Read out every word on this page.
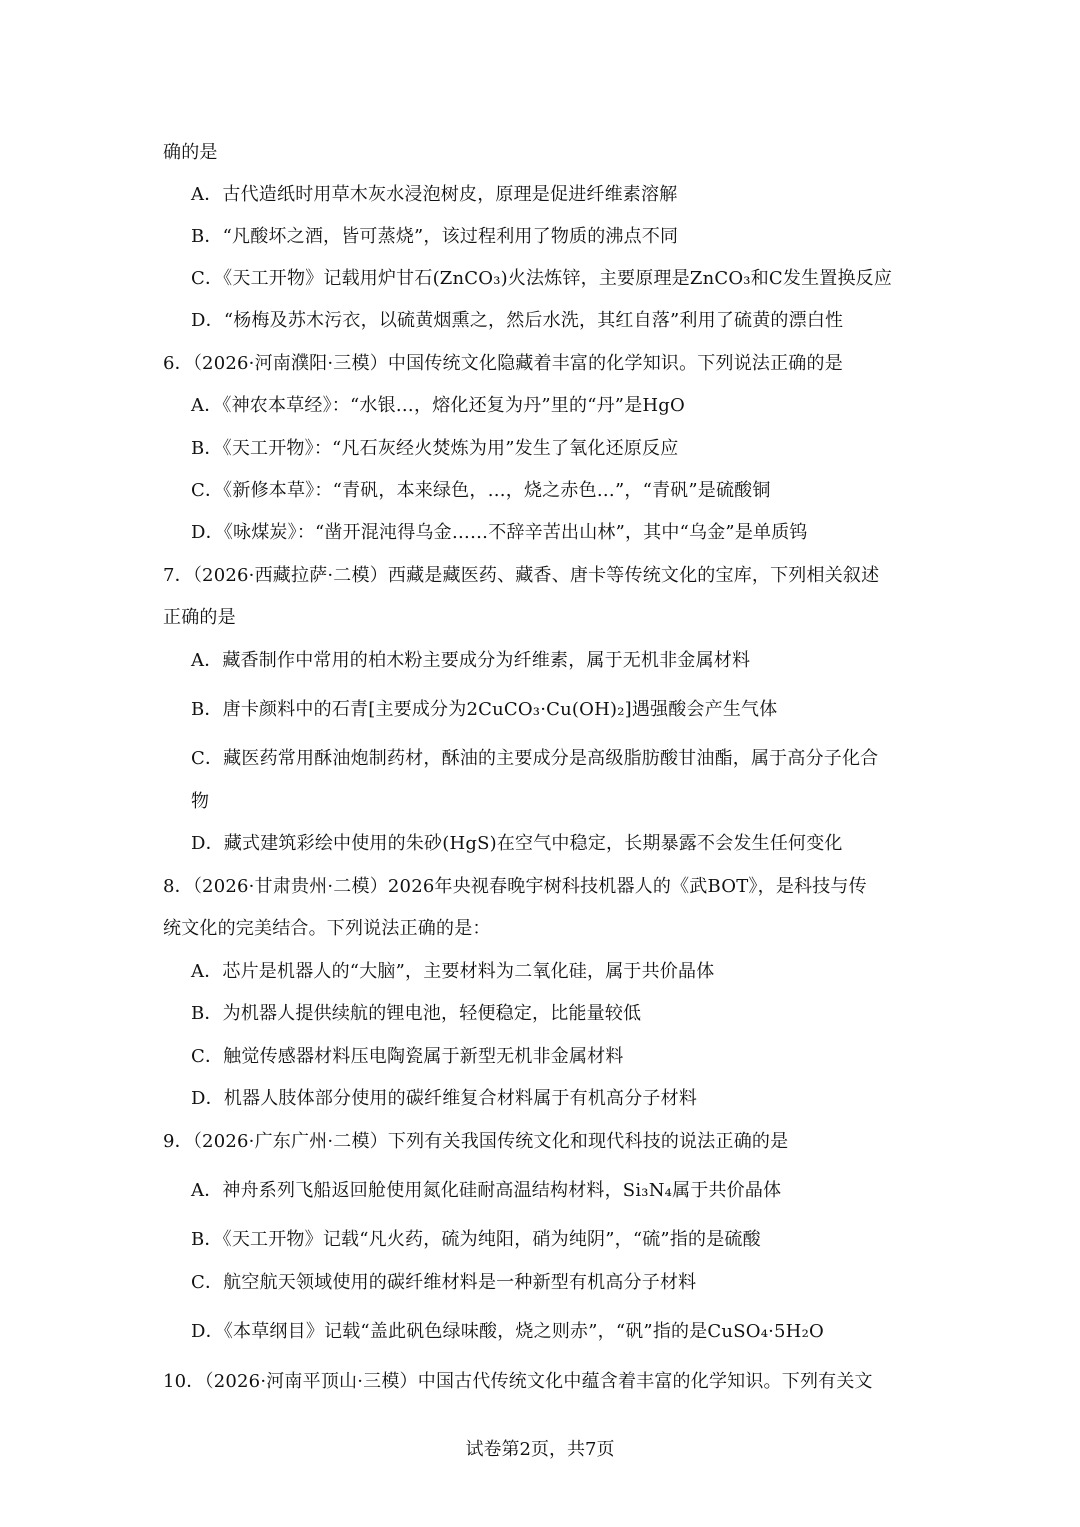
确的是
A．古代造纸时用草木灰水浸泡树皮，原理是促进纤维素溶解
B．“凡酸坏之酒，皆可蒸烧”，该过程利用了物质的沸点不同
C．《天工开物》记载用炉甘石(ZnCO₃)火法炼锌，主要原理是ZnCO₃和C发生置换反应
D．“杨梅及苏木污衣，以硫黄烟熏之，然后水洗，其红自落”利用了硫黄的漂白性
6．（2026·河南濮阳·三模）中国传统文化隐藏着丰富的化学知识。下列说法正确的是
A．《神农本草经》：“水银…，熔化还复为丹”里的“丹”是HgO
B．《天工开物》：“凡石灰经火焚炼为用”发生了氧化还原反应
C．《新修本草》：“青矾，本来绿色，…，烧之赤色…”，“青矾”是硫酸铜
D．《咏煤炭》：“凿开混沌得乌金……不辞辛苦出山林”，其中“乌金”是单质钨
7．（2026·西藏拉萨·二模）西藏是藏医药、藏香、唐卡等传统文化的宝库，下列相关叙述
正确的是
A．藏香制作中常用的柏木粉主要成分为纤维素，属于无机非金属材料
B．唐卡颜料中的石青[主要成分为2CuCO₃·Cu(OH)₂]遇强酸会产生气体
C．藏医药常用酥油炮制药材，酥油的主要成分是高级脂肪酸甘油酯，属于高分子化合
物
D．藏式建筑彩绘中使用的朱砂(HgS)在空气中稳定，长期暴露不会发生任何变化
8．（2026·甘肃贵州·二模）2026年央视春晚宇树科技机器人的《武BOT》，是科技与传
统文化的完美结合。下列说法正确的是：
A．芯片是机器人的“大脑”，主要材料为二氧化硅，属于共价晶体
B．为机器人提供续航的锂电池，轻便稳定，比能量较低
C．触觉传感器材料压电陶瓷属于新型无机非金属材料
D．机器人肢体部分使用的碳纤维复合材料属于有机高分子材料
9．（2026·广东广州·二模）下列有关我国传统文化和现代科技的说法正确的是
A．神舟系列飞船返回舱使用氮化硅耐高温结构材料，Si₃N₄属于共价晶体
B．《天工开物》记载“凡火药，硫为纯阳，硝为纯阴”，“硫”指的是硫酸
C．航空航天领域使用的碳纤维材料是一种新型有机高分子材料
D．《本草纲目》记载“盖此矾色绿味酸，烧之则赤”，“矾”指的是CuSO₄·5H₂O
10．（2026·河南平顶山·三模）中国古代传统文化中蕴含着丰富的化学知识。下列有关文
试卷第2页，共7页
